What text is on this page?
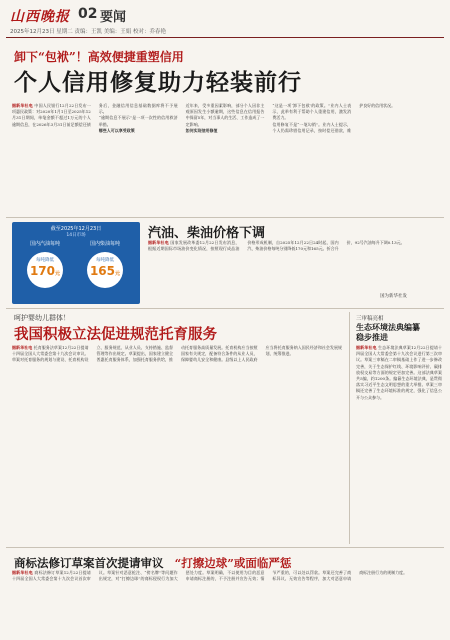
山西晚报 02 要闻
2025年12月23日 星期二 责编：王凯 美编：王娟 校对：乔春艳
卸下“包袱”！高效便捷重塑信用
个人信用修复助力轻装前行

据新华社电 中国人民银行12月22日发布一项惠民政策：对2020年1月1日至2025年12月31日期间，单笔金额不超过1万元的个人逾期信息，在2026年3月31日前足额偿还债务后，金融信用信息基础数据库将不予展示。

“逾期信息不展示”是一项一次性的信用救济举措。

哪些人可以享受政策

近年来，受多重因素影响，部分个人因非主观原因发生小额逾期，这些信息在信用报告中保留5年，对当事人的生活、工作造成了一定影响。

如何实现信用修复

“这是一项‘卸下包袱’的政策。”业内人士表示，此举有利于帮助个人重建信用，激发消费活力。

信用修复不是“一笔勾销”。业内人士提示，个人仍需珍惜信用记录，按时偿还借款，维护良好的信用状况。

截至2025年12月23日
14日市场
国内汽油每吨
每吨降低
170元
国内柴油每吨
每吨降低
165元
汽油、柴油价格下调

据新华社电 国家发展改革委12月22日发布消息，根据近期国际市场油价变化情况，按照现行成品油价格形成机制，自2025年12月22日24时起，国内汽、柴油价格每吨分别降低170元和165元。折合升价，92号汽油每升下调0.13元。

国为新华社发
呵护婴幼儿群体！
我国积极立法促进规范托育服务

据新华社电 托育服务法草案12月22日提请十四届全国人大常委会第十九次会议审议。草案对托育服务的规划与建设、托育机构设立、服务规范、从业人员、支持措施、监督管理等作出规定。草案提出，国家建立健全普惠托育服务体系，加强托育服务供给，推动托育服务高质量发展。托育机构应当按照国家有关规定，配备符合条件的从业人员，保障婴幼儿安全和健康。县级以上人民政府应当将托育服务纳入国民经济和社会发展规划，统筹推进。

三审稿亮相
生态环境法典编纂
稳步推进

据新华社电 生态环境法典草案12月22日提请十四届全国人大常委会第十九次会议进行第三次审议。草案三审稿在二审稿基础上作了进一步修改完善，关于生态保护红线、环境影响评价、碳排放权交易等方面的规定更加完善。这部法典草案共5编，约1200条。编纂生态环境法典，是贯彻落实习近平生态文明思想的重大举措。草案三审稿还完善了生态环境标准的规定，强化了信息公开与公众参与。

商标法修订草案首次提请审议 “打擦边球”或面临严惩

据新华社电 商标法修订草案12月22日提请十四届全国人大常委会第十九次会议首次审议。草案针对恶意抢注、“傍名牌”等问题作出规定，对“打擦边球”的商标侵权行为加大惩处力度。草案明确，不以使用为目的恶意申请商标注册的，不予注册并宣告无效；情节严重的，可以处以罚款。草案还完善了商标异议、无效宣告等程序，加大对恶意申请商标注册行为的规制力度。
